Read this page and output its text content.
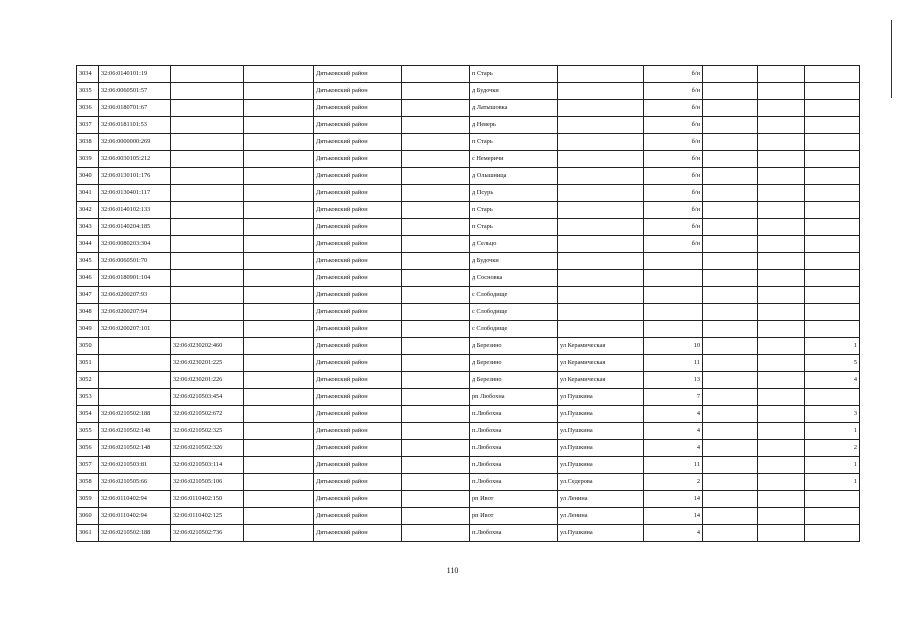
3034	32:06:0140101:19			Дятьковский район		п Старь		б/н			
3035	32:06:0060501:57			Дятьковский район		д Будочки		б/н			
3036	32:06:0180701:67			Дятьковский район		д Латышовка		б/н			
3037	32:06:0181101:53			Дятьковский район		д Неверь		б/н			
3038	32:06:0000000:269			Дятьковский район		п Старь		б/н			
3039	32:06:0030105:212			Дятьковский район		с Немеричи		б/н			
3040	32:06:0130101:176			Дятьковский район		д Олышница		б/н			
3041	32:06:0130401:117			Дятьковский район		д Псурь		б/н			
3042	32:06:0140102:133			Дятьковский район		п Старь		б/н			
3043	32:06:0140204:185			Дятьковский район		п Старь		б/н			
3044	32:06:0080203:304			Дятьковский район		д Сельцо		б/н			
3045	32:06:0060501:70			Дятьковский район		д Будочки					
3046	32:06:0180901:104			Дятьковский район		д Сосновка					
3047	32:06:0200207:93			Дятьковский район		с Слободище					
3048	32:06:0200207:94			Дятьковский район		с Слободище					
3049	32:06:0200207:101			Дятьковский район		с Слободище					
3050		32:06:0230202:460		Дятьковский район		д Березино	ул Керамическая	10			1
3051		32:06:0230201:225		Дятьковский район		д Березино	ул Керамическая	11			5
3052		32:06:0230201:226		Дятьковский район		д Березино	ул Керамическая	13			4
3053		32:06:0210503:454		Дятьковский район		рп Любохна	ул Пушкина	7			
3054	32:06:0210502:188	32:06:0210502:672		Дятьковский район		п.Любохна	ул.Пушкина	4			3
3055	32:06:0210502:148	32:06:0210502:325		Дятьковский район		п.Любохна	ул.Пушкина	4			1
3056	32:06:0210502:148	32:06:0210502:326		Дятьковский район		п.Любохна	ул.Пушкина	4			2
3057	32:06:0210503:81	32:06:0210503:114		Дятьковский район		п.Любохна	ул.Пушкина	11			1
3058	32:06:0210505:66	32:06:0210505:106		Дятьковский район		п.Любохна	ул.Седерова	2			1
3059	32:06:0110402:94	32:06:0110402:150		Дятьковский район		рп Ивот	ул Ленина	14			
3060	32:06:0110402:94	32:06:0110402:125		Дятьковский район		рп Ивот	ул Ленина	14			
3061	32:06:0210502:188	32:06:0210502:736		Дятьковский район		п.Любохна	ул.Пушкина	4			
110
